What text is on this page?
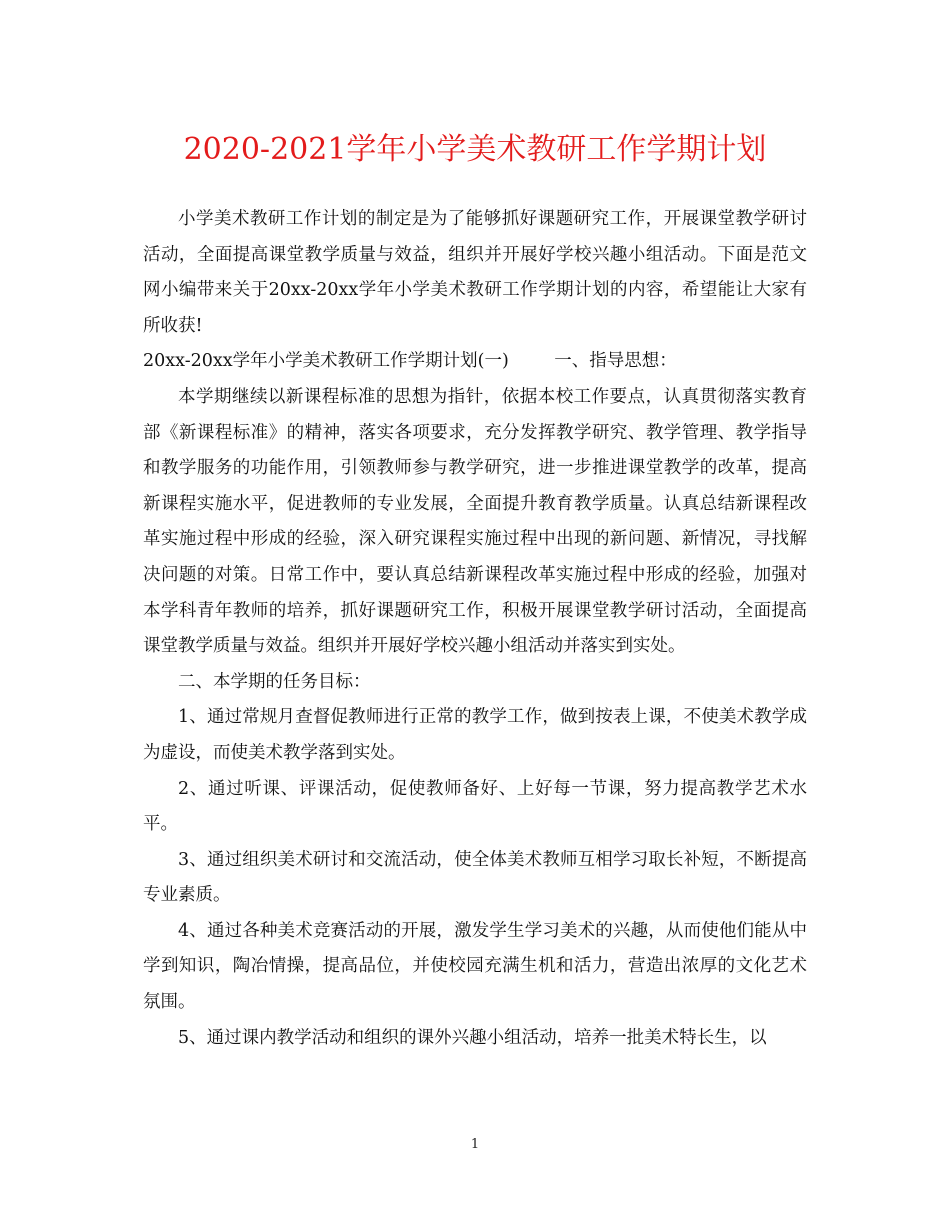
2020-2021学年小学美术教研工作学期计划

小学美术教研工作计划的制定是为了能够抓好课题研究工作，开展课堂教学研讨活动，全面提高课堂教学质量与效益，组织并开展好学校兴趣小组活动。下面是范文网小编带来关于20xx-20xx学年小学美术教研工作学期计划的内容，希望能让大家有所收获!

20xx-20xx学年小学美术教研工作学期计划(一)	一、指导思想：

本学期继续以新课程标准的思想为指针，依据本校工作要点，认真贯彻落实教育部《新课程标准》的精神，落实各项要求，充分发挥教学研究、教学管理、教学指导和教学服务的功能作用，引领教师参与教学研究，进一步推进课堂教学的改革，提高新课程实施水平，促进教师的专业发展，全面提升教育教学质量。认真总结新课程改革实施过程中形成的经验，深入研究课程实施过程中出现的新问题、新情况，寻找解决问题的对策。日常工作中，要认真总结新课程改革实施过程中形成的经验，加强对本学科青年教师的培养，抓好课题研究工作，积极开展课堂教学研讨活动，全面提高课堂教学质量与效益。组织并开展好学校兴趣小组活动并落实到实处。

二、本学期的任务目标：

1、通过常规月查督促教师进行正常的教学工作，做到按表上课，不使美术教学成为虚设，而使美术教学落到实处。

2、通过听课、评课活动，促使教师备好、上好每一节课，努力提高教学艺术水平。

3、通过组织美术研讨和交流活动，使全体美术教师互相学习取长补短，不断提高专业素质。

4、通过各种美术竞赛活动的开展，激发学生学习美术的兴趣，从而使他们能从中学到知识，陶冶情操，提高品位，并使校园充满生机和活力，营造出浓厚的文化艺术氛围。

5、通过课内教学活动和组织的课外兴趣小组活动，培养一批美术特长生，以

1
